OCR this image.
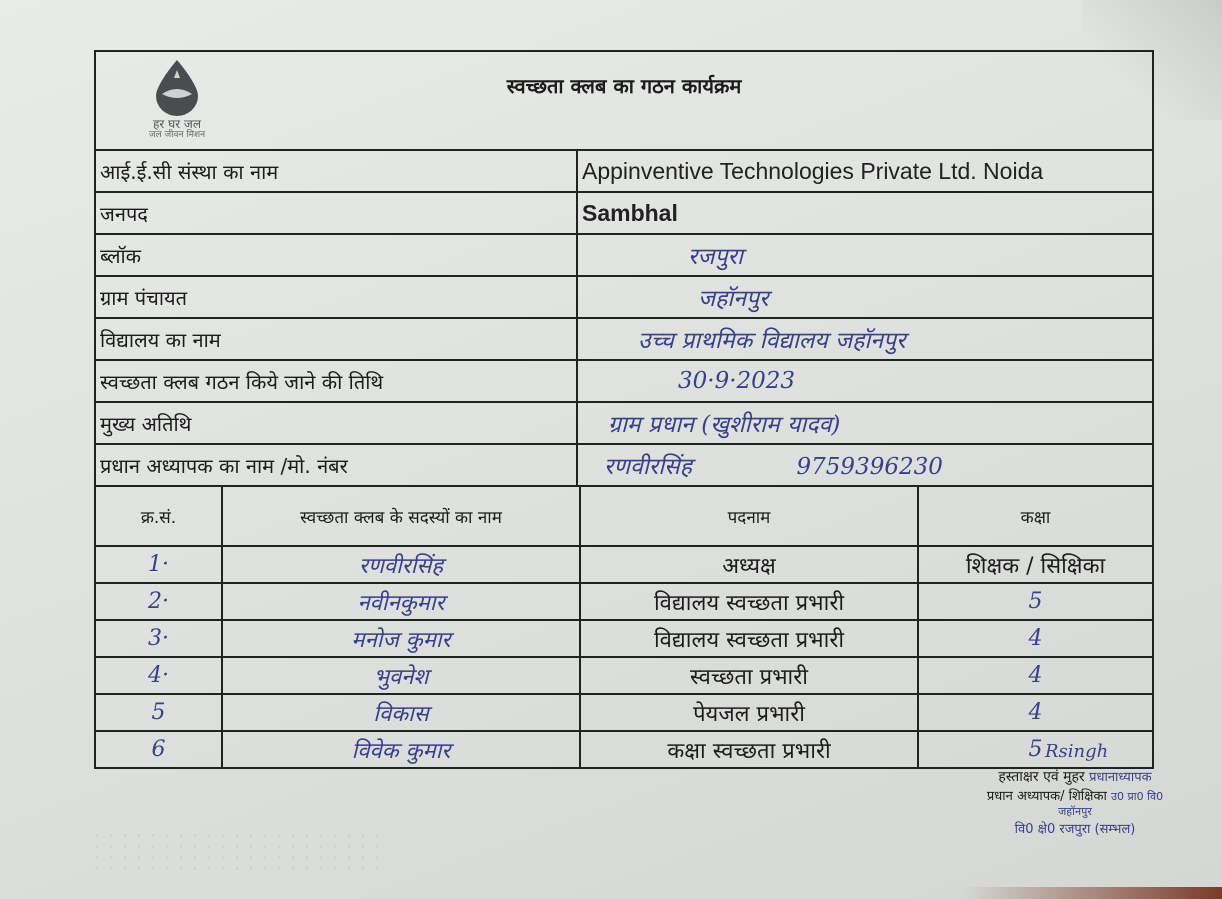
हर घर जल
जल जीवन मिशन
स्वच्छता क्लब का गठन कार्यक्रम
आई.ई.सी संस्था का नाम	Appinventive Technologies Private Ltd. Noida
जनपद	Sambhal
ब्लॉक	रजपुरा
ग्राम पंचायत	जहॉनपुर
विद्यालय का नाम	उच्च प्राथमिक विद्यालय जहॉनपुर
स्वच्छता क्लब गठन किये जाने की तिथि	30·9·2023
मुख्य अतिथि	ग्राम प्रधान (खुशीराम यादव)
प्रधान अध्यापक का नाम /मो. नंबर	रणवीरसिंह 9759396230
क्र.सं.	स्वच्छता क्लब के सदस्यों का नाम	पदनाम	कक्षा
1·	रणवीरसिंह	अध्यक्ष	शिक्षक / सिक्षिका
2·	नवीनकुमार	विद्यालय स्वच्छता प्रभारी	5
3·	मनोज कुमार	विद्यालय स्वच्छता प्रभारी	4
4·	भुवनेश	स्वच्छता प्रभारी	4
5	विकास	पेयजल प्रभारी	4
6	विवेक कुमार	कक्षा स्वच्छता प्रभारी	5 Rsingh
हस्ताक्षर एवं मुहर प्रधानाध्यापक
प्रधान अध्यापक/ शिक्षिका उ0 प्रा0 वि0 जहॉनपुर
वि0 क्षे0 रजपुरा (सम्भल)
